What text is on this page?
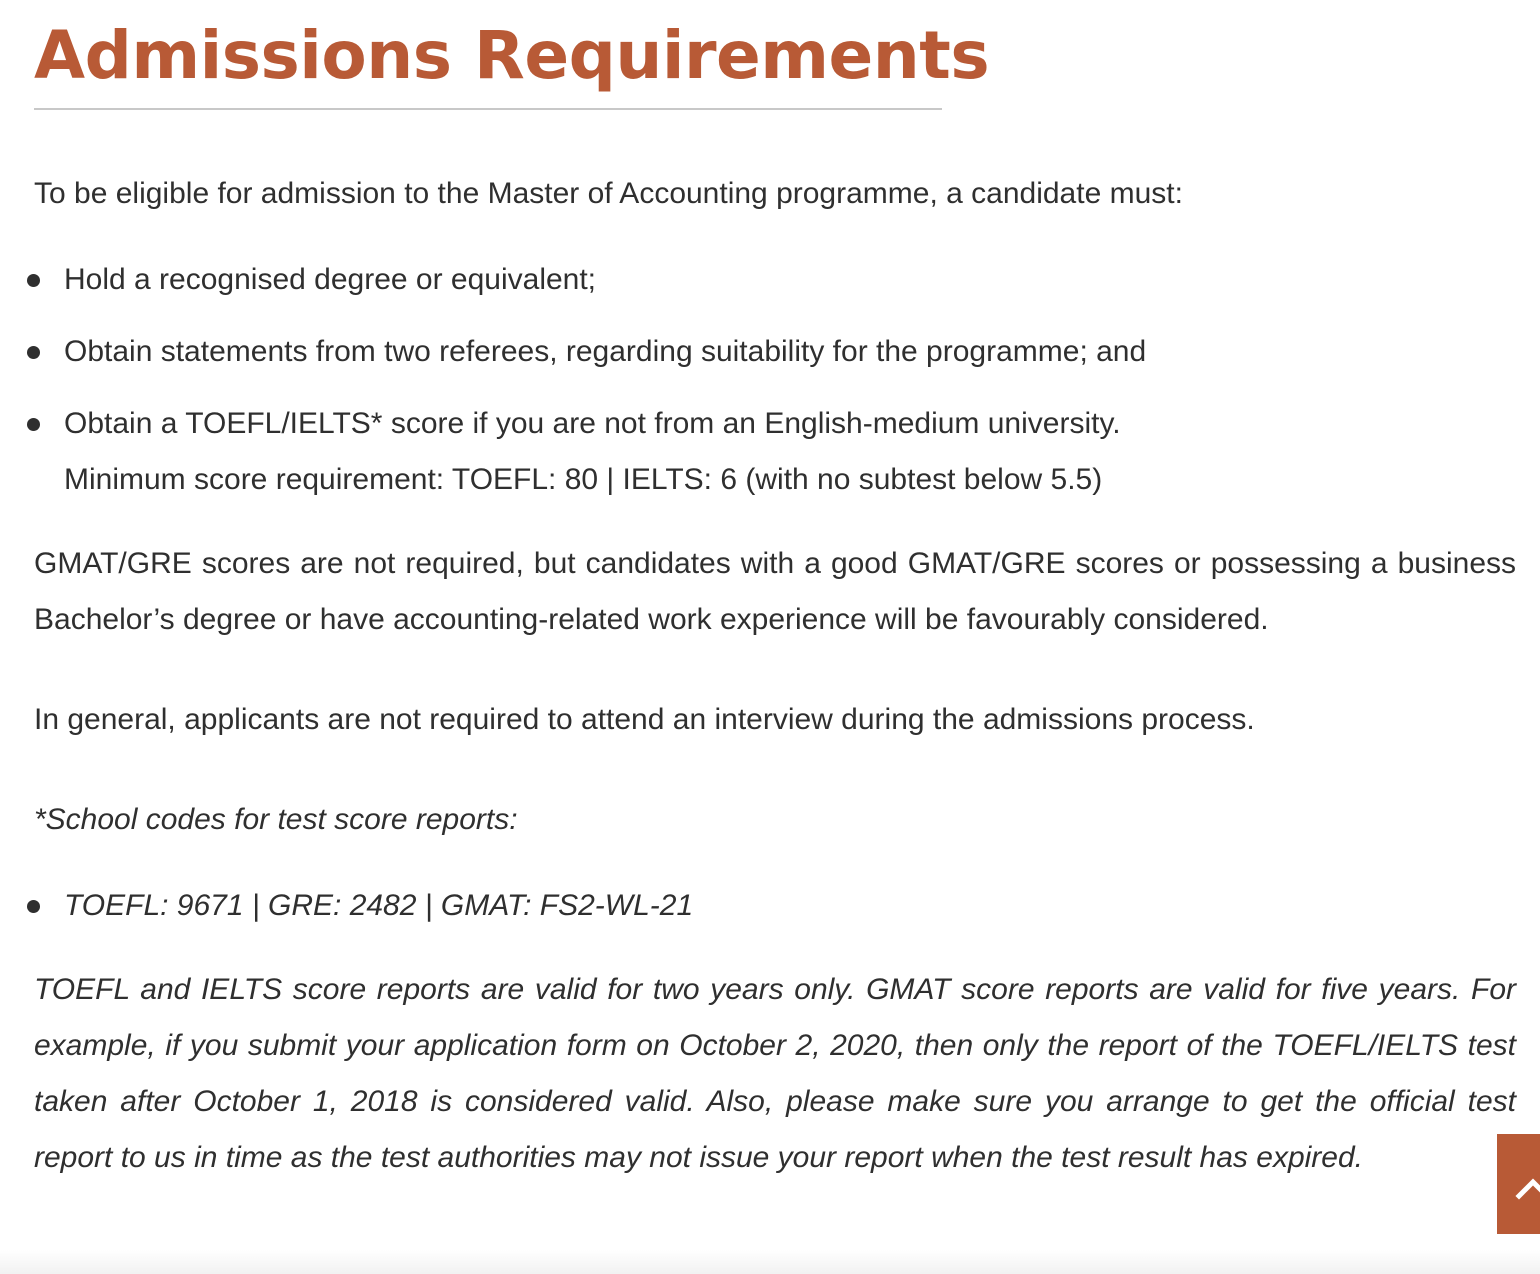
Admissions Requirements

To be eligible for admission to the Master of Accounting programme, a candidate must:

Hold a recognised degree or equivalent;
Obtain statements from two referees, regarding suitability for the programme; and
Obtain a TOEFL/IELTS* score if you are not from an English-medium university.
Minimum score requirement: TOEFL: 80 | IELTS: 6 (with no subtest below 5.5)

GMAT/GRE scores are not required, but candidates with a good GMAT/GRE scores or possessing a business Bachelor’s degree or have accounting-related work experience will be favourably considered.

In general, applicants are not required to attend an interview during the admissions process.

*School codes for test score reports:

TOEFL: 9671 | GRE: 2482 | GMAT: FS2-WL-21

TOEFL and IELTS score reports are valid for two years only. GMAT score reports are valid for five years. For example, if you submit your application form on October 2, 2020, then only the report of the TOEFL/IELTS test taken after October 1, 2018 is considered valid. Also, please make sure you arrange to get the official test report to us in time as the test authorities may not issue your report when the test result has expired.
